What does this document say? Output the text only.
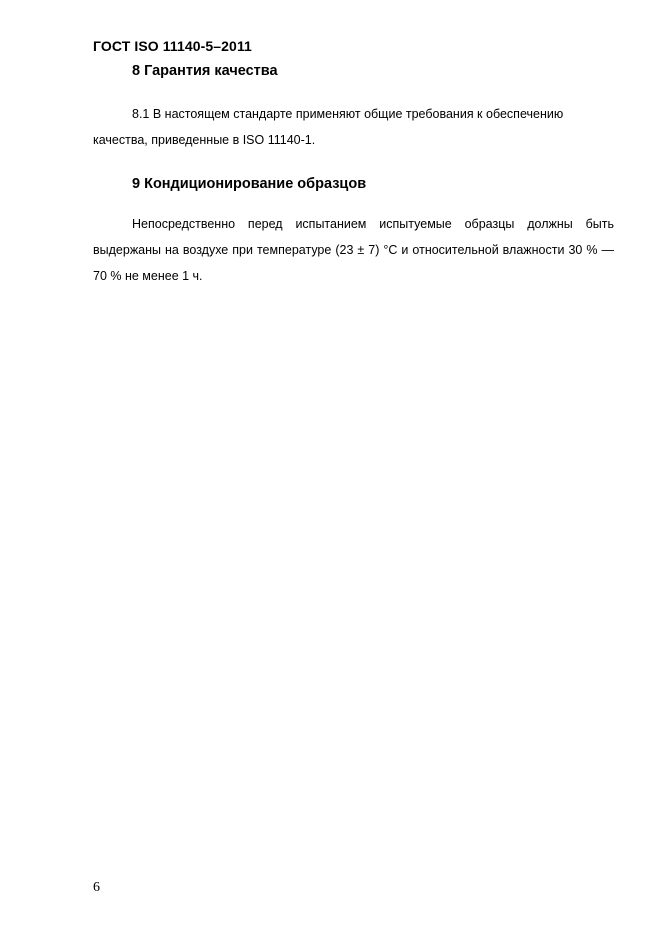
ГОСТ ISO 11140-5–2011
8 Гарантия качества
8.1 В настоящем стандарте применяют общие требования к обеспечению качества, приведенные в ISO 11140-1.
9 Кондиционирование образцов
Непосредственно перед испытанием испытуемые образцы должны быть выдержаны на воздухе при температуре (23 ± 7) °С и относительной влажности 30 % — 70 % не менее 1 ч.
6
